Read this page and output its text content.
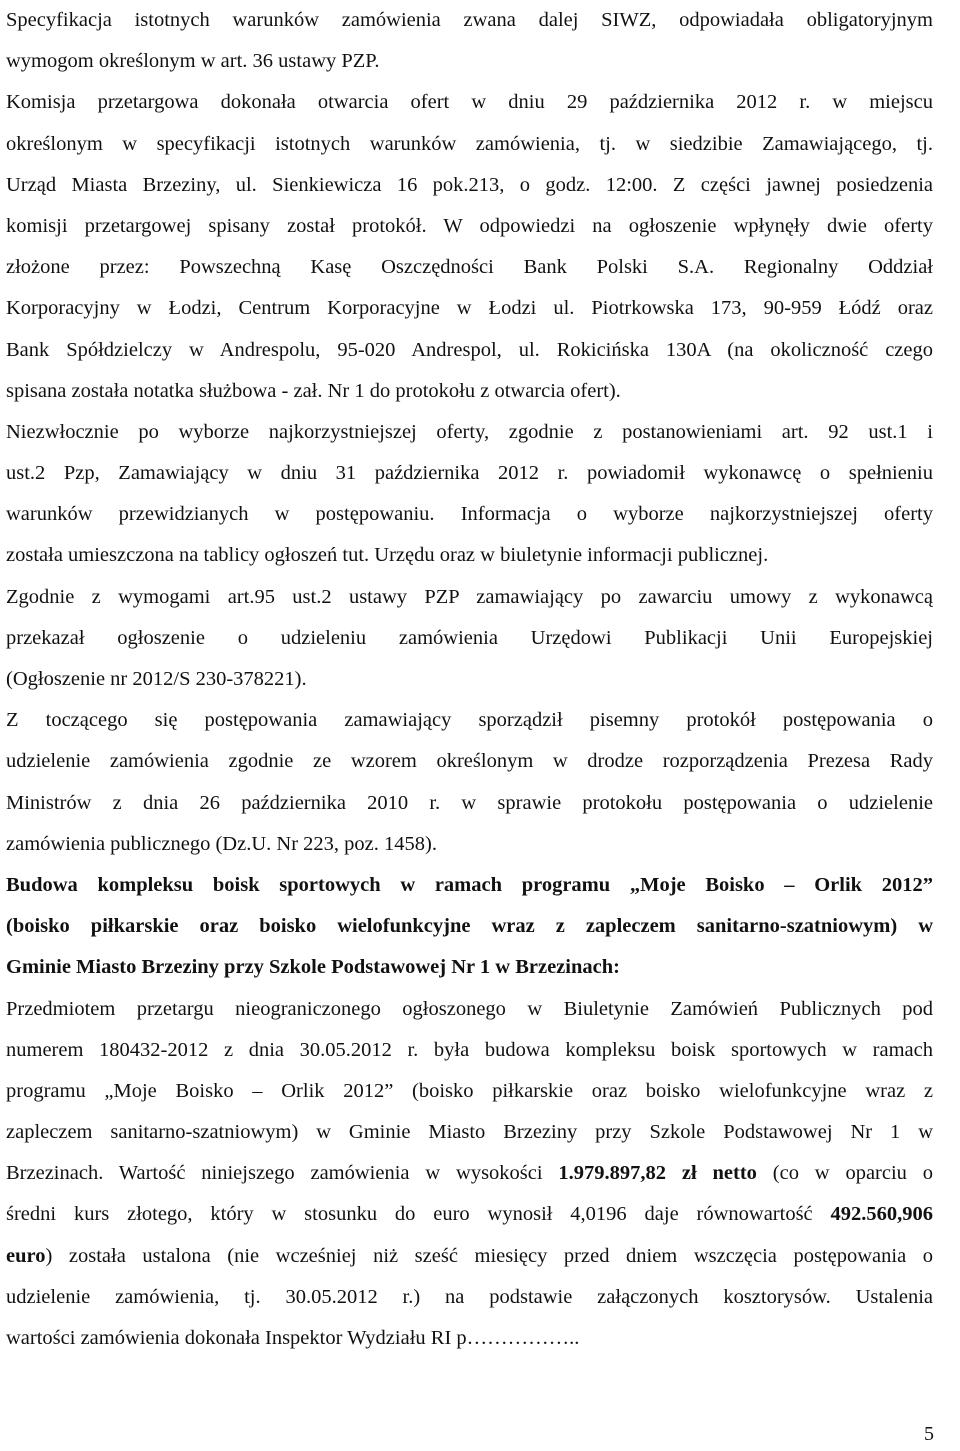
Specyfikacja istotnych warunków zamówienia zwana dalej SIWZ, odpowiadała obligatoryjnym
wymogom określonym w art. 36 ustawy PZP.
Komisja przetargowa dokonała otwarcia ofert w dniu 29 października 2012 r. w miejscu
określonym w specyfikacji istotnych warunków zamówienia, tj. w siedzibie Zamawiającego, tj.
Urząd Miasta Brzeziny, ul. Sienkiewicza 16 pok.213, o godz. 12:00. Z części jawnej posiedzenia
komisji przetargowej spisany został protokół. W odpowiedzi na ogłoszenie wpłynęły dwie oferty
złożone przez: Powszechną Kasę Oszczędności Bank Polski S.A. Regionalny Oddział
Korporacyjny w Łodzi, Centrum Korporacyjne w Łodzi ul. Piotrkowska 173, 90-959 Łódź oraz
Bank Spółdzielczy w Andrespolu, 95-020 Andrespol, ul. Rokicińska 130A (na okoliczność czego
spisana została notatka służbowa - zał. Nr 1 do protokołu z otwarcia ofert).
Niezwłocznie po wyborze najkorzystniejszej oferty, zgodnie z postanowieniami art. 92 ust.1 i
ust.2 Pzp, Zamawiający w dniu 31 października 2012 r. powiadomił wykonawcę o spełnieniu
warunków przewidzianych w postępowaniu. Informacja o wyborze najkorzystniejszej oferty
została umieszczona na tablicy ogłoszeń tut. Urzędu oraz w biuletynie informacji publicznej.
Zgodnie z wymogami art.95 ust.2 ustawy PZP zamawiający po zawarciu umowy z wykonawcą
przekazał ogłoszenie o udzieleniu zamówienia Urzędowi Publikacji Unii Europejskiej
(Ogłoszenie nr 2012/S 230-378221).
Z toczącego się postępowania zamawiający sporządził pisemny protokół postępowania o
udzielenie zamówienia zgodnie ze wzorem określonym w drodze rozporządzenia Prezesa Rady
Ministrów z dnia 26 października 2010 r. w sprawie protokołu postępowania o udzielenie
zamówienia publicznego (Dz.U. Nr 223, poz. 1458).
Budowa kompleksu boisk sportowych w ramach programu „Moje Boisko – Orlik 2012”
(boisko piłkarskie oraz boisko wielofunkcyjne wraz z zapleczem sanitarno-szatniowym) w
Gminie Miasto Brzeziny przy Szkole Podstawowej Nr 1 w Brzezinach:
Przedmiotem przetargu nieograniczonego ogłoszonego w Biuletynie Zamówień Publicznych pod
numerem 180432-2012 z dnia 30.05.2012 r. była budowa kompleksu boisk sportowych w ramach
programu „Moje Boisko – Orlik 2012” (boisko piłkarskie oraz boisko wielofunkcyjne wraz z
zapleczem sanitarno-szatniowym) w Gminie Miasto Brzeziny przy Szkole Podstawowej Nr 1 w
Brzezinach. Wartość niniejszego zamówienia w wysokości 1.979.897,82 zł netto (co w oparciu o
średni kurs złotego, który w stosunku do euro wynosił 4,0196 daje równowartość 492.560,906
euro) została ustalona (nie wcześniej niż sześć miesięcy przed dniem wszczęcia postępowania o
udzielenie zamówienia, tj. 30.05.2012 r.) na podstawie załączonych kosztorysów. Ustalenia
wartości zamówienia dokonała Inspektor Wydziału RI p……………..
5
